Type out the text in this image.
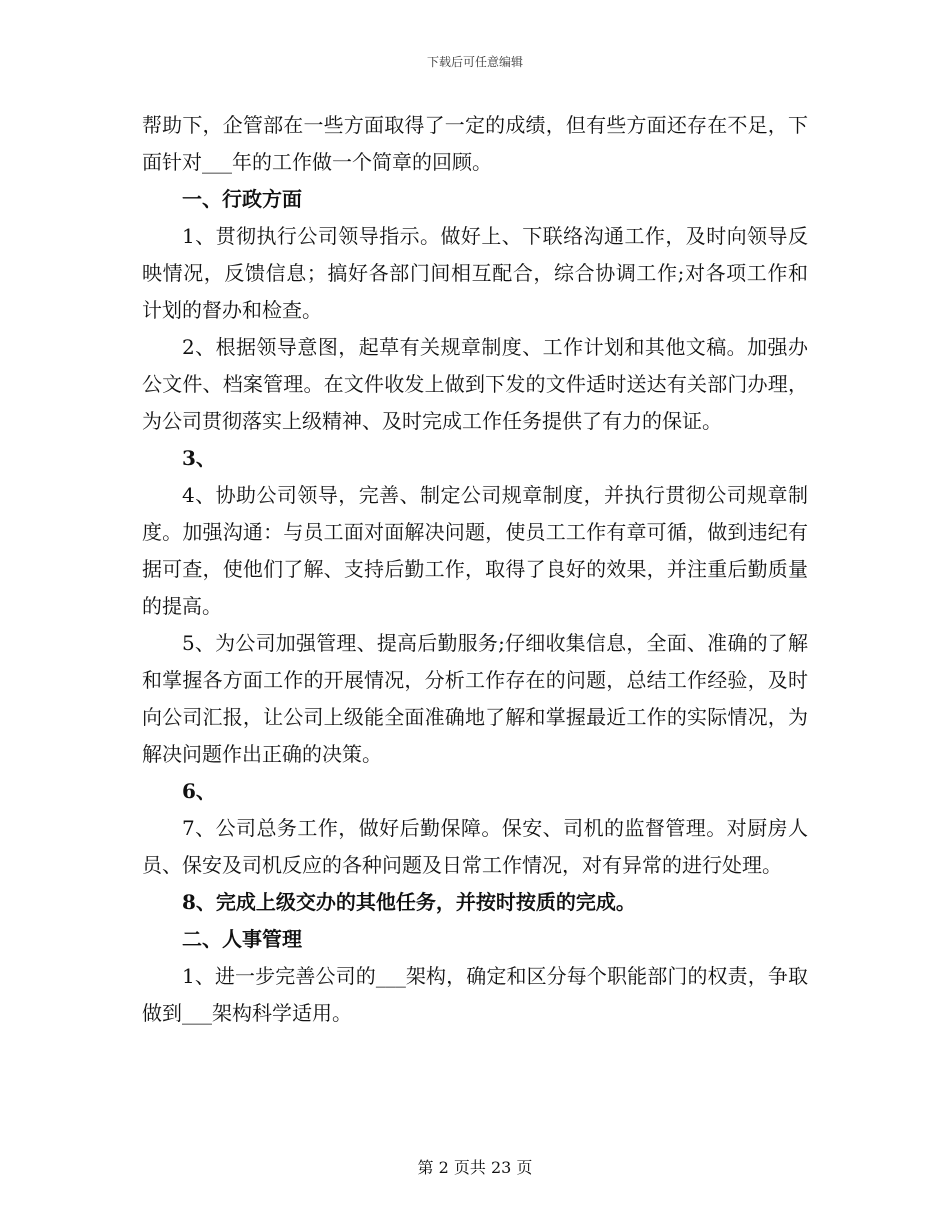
下载后可任意编辑

帮助下，企管部在一些方面取得了一定的成绩，但有些方面还存在不足，下面针对___年的工作做一个简章的回顾。

一、行政方面

1、贯彻执行公司领导指示。做好上、下联络沟通工作，及时向领导反映情况，反馈信息；搞好各部门间相互配合，综合协调工作;对各项工作和计划的督办和检查。

2、根据领导意图，起草有关规章制度、工作计划和其他文稿。加强办公文件、档案管理。在文件收发上做到下发的文件适时送达有关部门办理，为公司贯彻落实上级精神、及时完成工作任务提供了有力的保证。

3、

4、协助公司领导，完善、制定公司规章制度，并执行贯彻公司规章制度。加强沟通：与员工面对面解决问题，使员工工作有章可循，做到违纪有据可查，使他们了解、支持后勤工作，取得了良好的效果，并注重后勤质量的提高。

5、为公司加强管理、提高后勤服务;仔细收集信息，全面、准确的了解和掌握各方面工作的开展情况，分析工作存在的问题，总结工作经验，及时向公司汇报，让公司上级能全面准确地了解和掌握最近工作的实际情况，为解决问题作出正确的决策。

6、

7、公司总务工作，做好后勤保障。保安、司机的监督管理。对厨房人员、保安及司机反应的各种问题及日常工作情况，对有异常的进行处理。

8、完成上级交办的其他任务，并按时按质的完成。

二、人事管理

1、进一步完善公司的___架构，确定和区分每个职能部门的权责，争取做到___架构科学适用。

第 2 页共 23 页
